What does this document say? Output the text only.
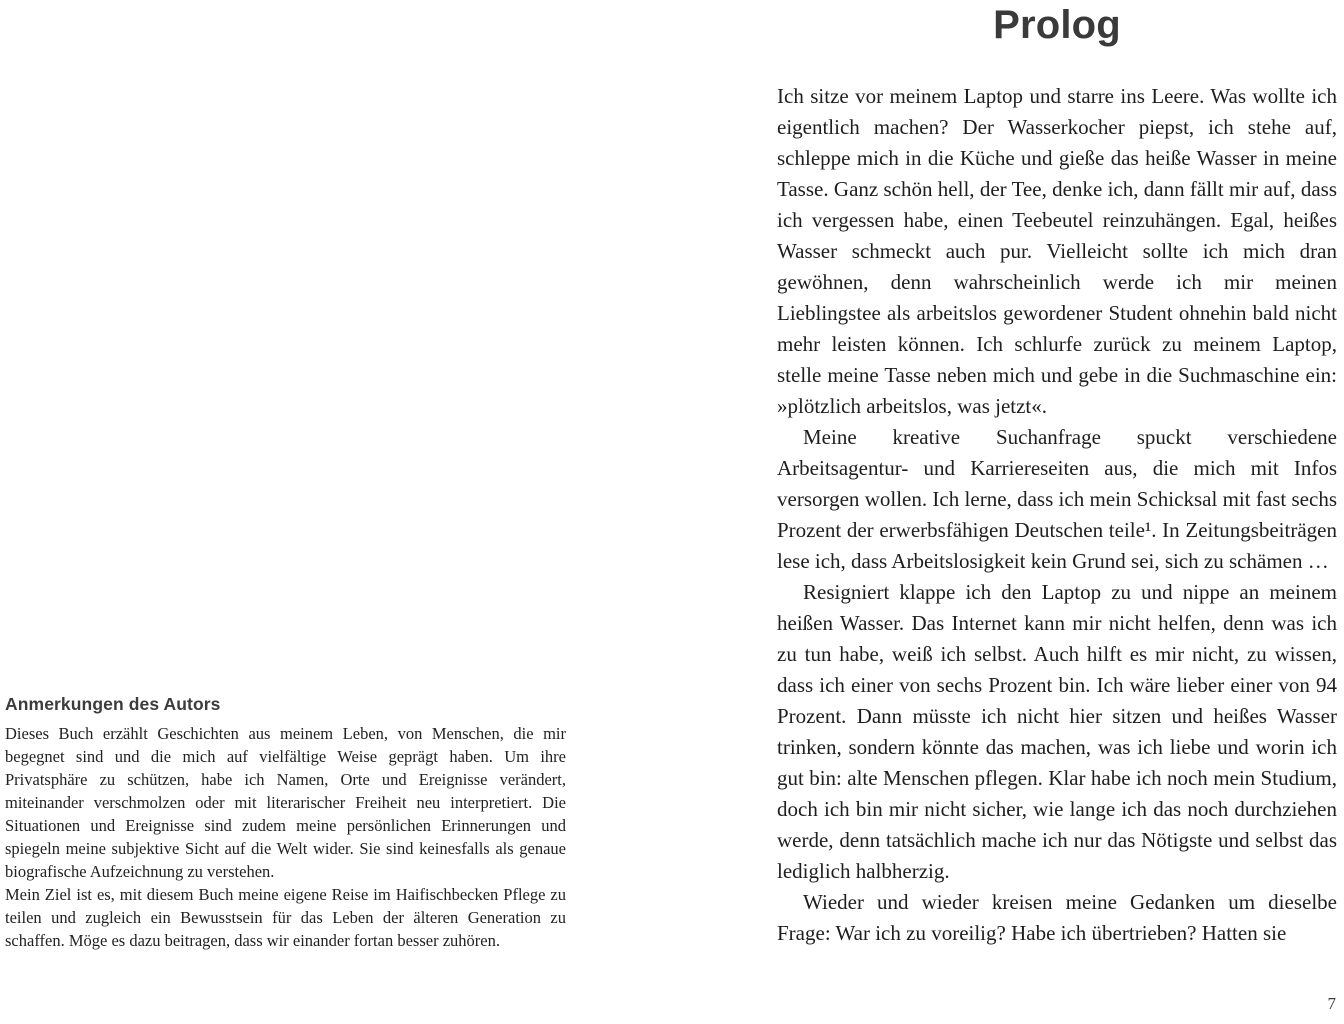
Anmerkungen des Autors

Dieses Buch erzählt Geschichten aus meinem Leben, von Menschen, die mir begegnet sind und die mich auf vielfältige Weise geprägt haben. Um ihre Privatsphäre zu schützen, habe ich Namen, Orte und Ereignisse verändert, miteinander verschmolzen oder mit literarischer Freiheit neu interpretiert. Die Situationen und Ereignisse sind zudem meine persönlichen Erinnerungen und spiegeln meine subjektive Sicht auf die Welt wider. Sie sind keinesfalls als genaue biografische Aufzeichnung zu verstehen.

Mein Ziel ist es, mit diesem Buch meine eigene Reise im Haifischbecken Pflege zu teilen und zugleich ein Bewusstsein für das Leben der älteren Generation zu schaffen. Möge es dazu beitragen, dass wir einander fortan besser zuhören.

Prolog

Ich sitze vor meinem Laptop und starre ins Leere. Was wollte ich eigentlich machen? Der Wasserkocher piepst, ich stehe auf, schleppe mich in die Küche und gieße das heiße Wasser in meine Tasse. Ganz schön hell, der Tee, denke ich, dann fällt mir auf, dass ich vergessen habe, einen Teebeutel reinzuhängen. Egal, heißes Wasser schmeckt auch pur. Vielleicht sollte ich mich dran gewöhnen, denn wahrscheinlich werde ich mir meinen Lieblingstee als arbeitslos gewordener Student ohnehin bald nicht mehr leisten können. Ich schlurfe zurück zu meinem Laptop, stelle meine Tasse neben mich und gebe in die Suchmaschine ein: »plötzlich arbeitslos, was jetzt«.

Meine kreative Suchanfrage spuckt verschiedene Arbeitsagentur- und Karriereseiten aus, die mich mit Infos versorgen wollen. Ich lerne, dass ich mein Schicksal mit fast sechs Prozent der erwerbsfähigen Deutschen teile¹. In Zeitungsbeiträgen lese ich, dass Arbeitslosigkeit kein Grund sei, sich zu schämen …

Resigniert klappe ich den Laptop zu und nippe an meinem heißen Wasser. Das Internet kann mir nicht helfen, denn was ich zu tun habe, weiß ich selbst. Auch hilft es mir nicht, zu wissen, dass ich einer von sechs Prozent bin. Ich wäre lieber einer von 94 Prozent. Dann müsste ich nicht hier sitzen und heißes Wasser trinken, sondern könnte das machen, was ich liebe und worin ich gut bin: alte Menschen pflegen. Klar habe ich noch mein Studium, doch ich bin mir nicht sicher, wie lange ich das noch durchziehen werde, denn tatsächlich mache ich nur das Nötigste und selbst das lediglich halbherzig.

Wieder und wieder kreisen meine Gedanken um dieselbe Frage: War ich zu voreilig? Habe ich übertrieben? Hatten sie

7
